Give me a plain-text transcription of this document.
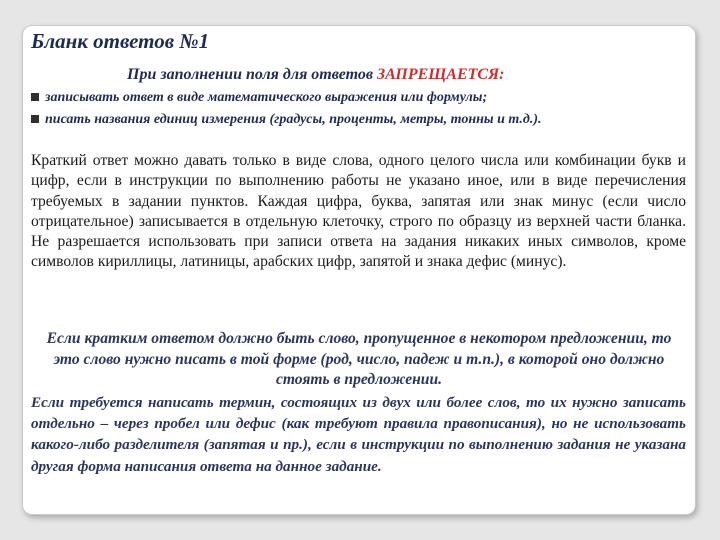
Бланк ответов №1
При заполнении поля для ответов ЗАПРЕЩАЕТСЯ:
записывать ответ в виде математического выражения или формулы;
писать названия единиц измерения (градусы, проценты, метры, тонны и т.д.).

Краткий ответ можно давать только в виде слова, одного целого числа или комбинации букв и цифр, если в инструкции по выполнению работы не указано иное, или в виде перечисления требуемых в задании пунктов. Каждая цифра, буква, запятая или знак минус (если число отрицательное) записывается в отдельную клеточку, строго по образцу из верхней части бланка. Не разрешается использовать при записи ответа на задания никаких иных символов, кроме символов кириллицы, латиницы, арабских цифр, запятой и знака дефис (минус).

Если кратким ответом должно быть слово, пропущенное в некотором предложении, то это слово нужно писать в той форме (род, число, падеж и т.п.), в которой оно должно стоять в предложении.

Если требуется написать термин, состоящих из двух или более слов, то их нужно записать отдельно – через пробел или дефис (как требуют правила правописания), но не использовать какого-либо разделителя (запятая и пр.), если в инструкции по выполнению задания не указана другая форма написания ответа на данное задание.
